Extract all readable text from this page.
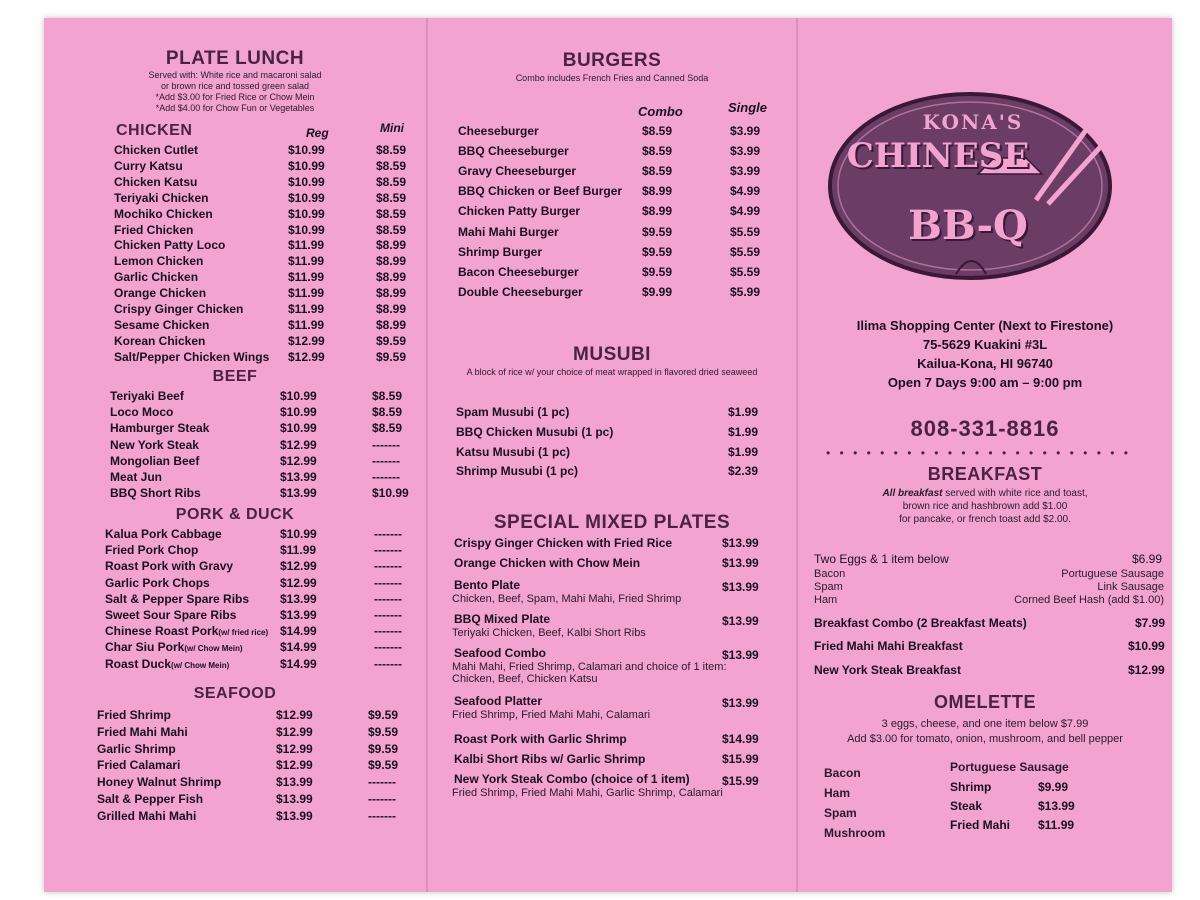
PLATE LUNCH
Served with: White rice and macaroni salad
or brown rice and tossed green salad
*Add $3.00 for Fried Rice or Chow Mein
*Add $4.00 for Chow Fun or Vegetables
CHICKEN	Reg	Mini
Chicken Cutlet	$10.99	$8.59
Curry Katsu	$10.99	$8.59
Chicken Katsu	$10.99	$8.59
Teriyaki Chicken	$10.99	$8.59
Mochiko Chicken	$10.99	$8.59
Fried Chicken	$10.99	$8.59
Chicken Patty Loco	$11.99	$8.99
Lemon Chicken	$11.99	$8.99
Garlic Chicken	$11.99	$8.99
Orange Chicken	$11.99	$8.99
Crispy Ginger Chicken	$11.99	$8.99
Sesame Chicken	$11.99	$8.99
Korean Chicken	$12.99	$9.59
Salt/Pepper Chicken Wings $12.99	$9.59
BEEF
Teriyaki Beef	$10.99	$8.59
Loco Moco	$10.99	$8.59
Hamburger Steak	$10.99	$8.59
New York Steak	$12.99	-------
Mongolian Beef	$12.99	-------
Meat Jun	$13.99	-------
BBQ Short Ribs	$13.99	$10.99
PORK & DUCK
Kalua Pork Cabbage	$10.99	-------
Fried Pork Chop	$11.99	-------
Roast Pork with Gravy	$12.99	-------
Garlic Pork Chops	$12.99	-------
Salt & Pepper Spare Ribs	$13.99	-------
Sweet Sour Spare Ribs	$13.99	-------
Chinese Roast Pork(w/ fried rice) $14.99	-------
Char Siu Pork(w/ Chow Mein)	$14.99	-------
Roast Duck(w/ Chow Mein)	$14.99	-------
SEAFOOD
Fried Shrimp	$12.99	$9.59
Fried Mahi Mahi	$12.99	$9.59
Garlic Shrimp	$12.99	$9.59
Fried Calamari	$12.99	$9.59
Honey Walnut Shrimp	$13.99	-------
Salt & Pepper Fish	$13.99	-------
Grilled Mahi Mahi	$13.99	-------
BURGERS
Combo includes French Fries and Canned Soda
Combo	Single
Cheeseburger	$8.59	$3.99
BBQ Cheeseburger	$8.59	$3.99
Gravy Cheeseburger	$8.59	$3.99
BBQ Chicken or Beef Burger $8.99	$4.99
Chicken Patty Burger	$8.99	$4.99
Mahi Mahi Burger	$9.59	$5.59
Shrimp Burger	$9.59	$5.59
Bacon Cheeseburger	$9.59	$5.59
Double Cheeseburger	$9.99	$5.99
Spam Musubi (1 pc)	$1.99
BBQ Chicken Musubi (1 pc)	$1.99
Katsu Musubi (1 pc)	$1.99
Shrimp Musubi (1 pc)	$2.39
Crispy Ginger Chicken with Fried Rice	$13.99
Orange Chicken with Chow Mein	$13.99
Bento Plate	$13.99
Chicken, Beef, Spam, Mahi Mahi, Fried Shrimp
BBQ Mixed Plate	$13.99
Teriyaki Chicken, Beef, Kalbi Short Ribs
Seafood Combo	$13.99
Mahi Mahi, Fried Shrimp, Calamari and choice of 1 item:
Chicken, Beef, Chicken Katsu
Seafood Platter	$13.99
Fried Shrimp, Fried Mahi Mahi, Calamari
Roast Pork with Garlic Shrimp	$14.99
Kalbi Short Ribs w/ Garlic Shrimp	$15.99
New York Steak Combo (choice of 1 item)	$15.99
Fried Shrimp, Fried Mahi Mahi, Garlic Shrimp, Calamari
MUSUBI
A block of rice w/ your choice of meat wrapped in flavored dried seaweed
SPECIAL MIXED PLATES
KONA'S
CHINESE
BB-Q
Ilima Shopping Center (Next to Firestone)
75-5629 Kuakini #3L
Kailua-Kona, HI 96740
Open 7 Days 9:00 am – 9:00 pm
808-331-8816
• • • • • • • • • • • • • • • • • • • • • • •
BREAKFAST
All breakfast served with white rice and toast,
brown rice and hashbrown add $1.00
for pancake, or french toast add $2.00.
Two Eggs & 1 item below	$6.99
Bacon
Spam
Ham
Portuguese Sausage
Link Sausage
Corned Beef Hash (add $1.00)
Breakfast Combo (2 Breakfast Meats)	$7.99
Fried Mahi Mahi Breakfast	$10.99
New York Steak Breakfast	$12.99
OMELETTE
3 eggs, cheese, and one item below $7.99
Add $3.00 for tomato, onion, mushroom, and bell pepper
Bacon
Ham
Spam
Mushroom
Portuguese Sausage
Shrimp	$9.99
Steak	$13.99
Fried Mahi $11.99
